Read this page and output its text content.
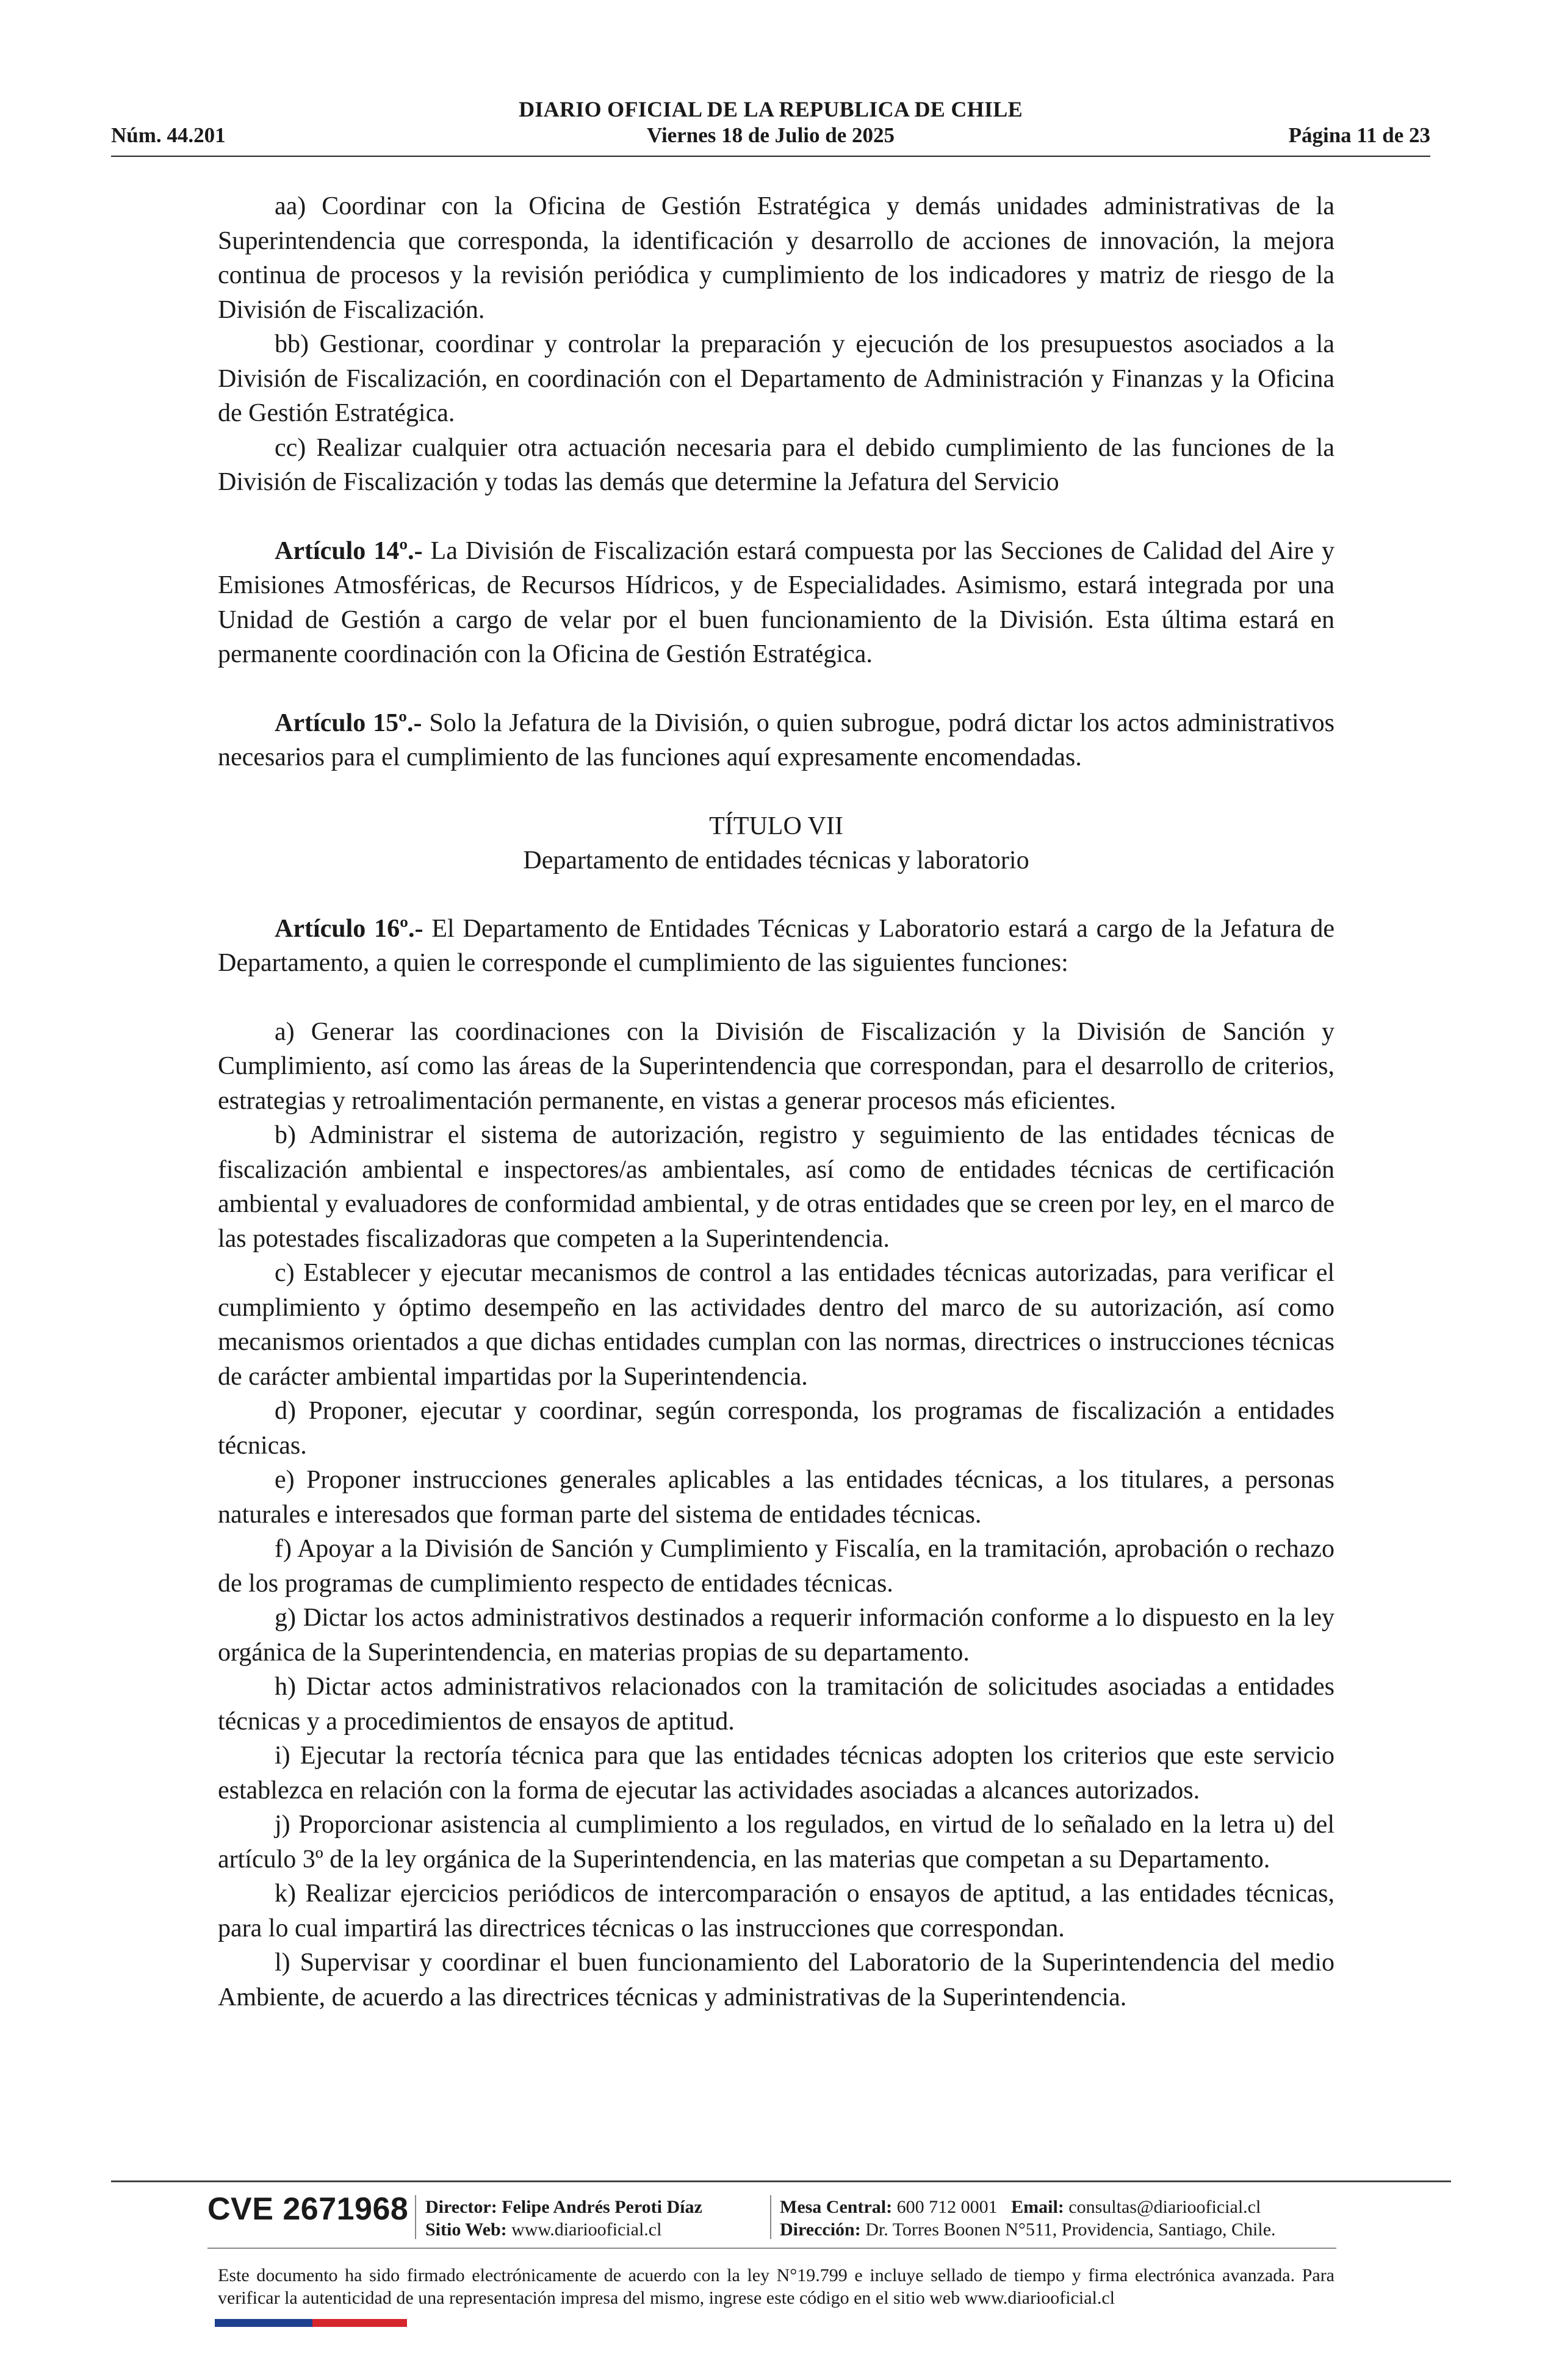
DIARIO OFICIAL DE LA REPUBLICA DE CHILE
Núm. 44.201	Viernes 18 de Julio de 2025	Página 11 de 23

aa) Coordinar con la Oficina de Gestión Estratégica y demás unidades administrativas de la Superintendencia que corresponda, la identificación y desarrollo de acciones de innovación, la mejora continua de procesos y la revisión periódica y cumplimiento de los indicadores y matriz de riesgo de la División de Fiscalización.

bb) Gestionar, coordinar y controlar la preparación y ejecución de los presupuestos asociados a la División de Fiscalización, en coordinación con el Departamento de Administración y Finanzas y la Oficina de Gestión Estratégica.

cc) Realizar cualquier otra actuación necesaria para el debido cumplimiento de las funciones de la División de Fiscalización y todas las demás que determine la Jefatura del Servicio

Artículo 14º.- La División de Fiscalización estará compuesta por las Secciones de Calidad del Aire y Emisiones Atmosféricas, de Recursos Hídricos, y de Especialidades. Asimismo, estará integrada por una Unidad de Gestión a cargo de velar por el buen funcionamiento de la División. Esta última estará en permanente coordinación con la Oficina de Gestión Estratégica.

Artículo 15º.- Solo la Jefatura de la División, o quien subrogue, podrá dictar los actos administrativos necesarios para el cumplimiento de las funciones aquí expresamente encomendadas.

TÍTULO VII
Departamento de entidades técnicas y laboratorio

Artículo 16º.- El Departamento de Entidades Técnicas y Laboratorio estará a cargo de la Jefatura de Departamento, a quien le corresponde el cumplimiento de las siguientes funciones:

a) Generar las coordinaciones con la División de Fiscalización y la División de Sanción y Cumplimiento, así como las áreas de la Superintendencia que correspondan, para el desarrollo de criterios, estrategias y retroalimentación permanente, en vistas a generar procesos más eficientes.

b) Administrar el sistema de autorización, registro y seguimiento de las entidades técnicas de fiscalización ambiental e inspectores/as ambientales, así como de entidades técnicas de certificación ambiental y evaluadores de conformidad ambiental, y de otras entidades que se creen por ley, en el marco de las potestades fiscalizadoras que competen a la Superintendencia.

c) Establecer y ejecutar mecanismos de control a las entidades técnicas autorizadas, para verificar el cumplimiento y óptimo desempeño en las actividades dentro del marco de su autorización, así como mecanismos orientados a que dichas entidades cumplan con las normas, directrices o instrucciones técnicas de carácter ambiental impartidas por la Superintendencia.

d) Proponer, ejecutar y coordinar, según corresponda, los programas de fiscalización a entidades técnicas.

e) Proponer instrucciones generales aplicables a las entidades técnicas, a los titulares, a personas naturales e interesados que forman parte del sistema de entidades técnicas.

f) Apoyar a la División de Sanción y Cumplimiento y Fiscalía, en la tramitación, aprobación o rechazo de los programas de cumplimiento respecto de entidades técnicas.

g) Dictar los actos administrativos destinados a requerir información conforme a lo dispuesto en la ley orgánica de la Superintendencia, en materias propias de su departamento.

h) Dictar actos administrativos relacionados con la tramitación de solicitudes asociadas a entidades técnicas y a procedimientos de ensayos de aptitud.

i) Ejecutar la rectoría técnica para que las entidades técnicas adopten los criterios que este servicio establezca en relación con la forma de ejecutar las actividades asociadas a alcances autorizados.

j) Proporcionar asistencia al cumplimiento a los regulados, en virtud de lo señalado en la letra u) del artículo 3º de la ley orgánica de la Superintendencia, en las materias que competan a su Departamento.

k) Realizar ejercicios periódicos de intercomparación o ensayos de aptitud, a las entidades técnicas, para lo cual impartirá las directrices técnicas o las instrucciones que correspondan.

l) Supervisar y coordinar el buen funcionamiento del Laboratorio de la Superintendencia del medio Ambiente, de acuerdo a las directrices técnicas y administrativas de la Superintendencia.

CVE 2671968 Director: Felipe Andrés Peroti Díaz
Sitio Web: www.diariooficial.cl
Mesa Central: 600 712 0001 Email: consultas@diariooficial.cl
Dirección: Dr. Torres Boonen N°511, Providencia, Santiago, Chile.
Este documento ha sido firmado electrónicamente de acuerdo con la ley N°19.799 e incluye sellado de tiempo y firma electrónica avanzada. Para verificar la autenticidad de una representación impresa del mismo, ingrese este código en el sitio web www.diariooficial.cl
